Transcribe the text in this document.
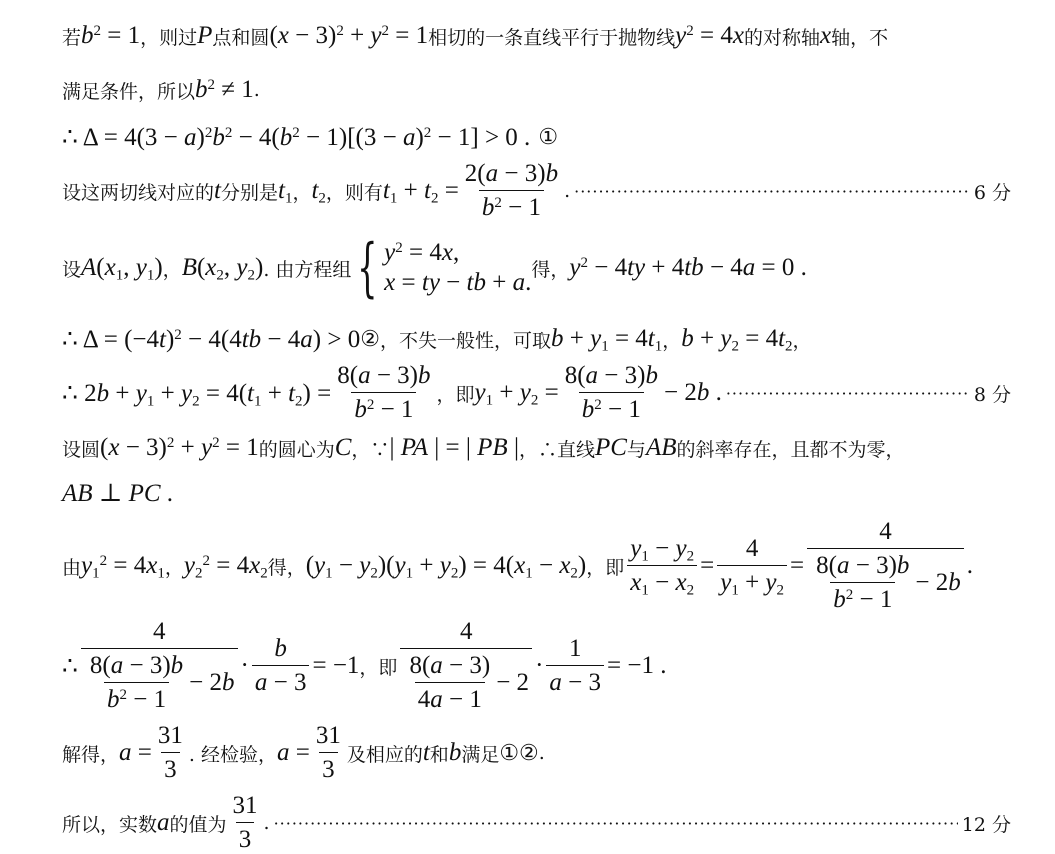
若 $b^2 = 1$ ，则过 P 点和圆 $(x - 3)^2 + y^2 = 1$ 相切的一条直线平行于抛物线 $y^2 = 4x$ 的对称轴 x 轴，不
满足条件，所以 $b^2 \ne 1$ .
∴ $\Delta = 4(3 - a)^2b^2 - 4(b^2 - 1)[(3 - a)^2 - 1] > 0$ . ①
设这两切线对应的 t 分别是 $t_1$ ， $t_2$ ，则有 $t_1 + t_2 = \frac{2(a - 3)b}{b^2 - 1}$ . ·····	6 分
设 $A(x_1$, $y_1$) ， $B(x_2$, $y_2$) . 由方程组 { $y^2 = 4x$,
x = ty − tb + a. 得， $y^2 - 4ty + 4tb - 4a = 0$ .
∴ $\Delta = (-4t)^2 - 4(4tb - 4a) > 0$ ② ，不失一般性，可取 $b + y_1 = 4t_1$ ， $b + y_2 = 4t_2$ ，
∴ $2b + y_1 + y_2 = 4(t_1 + t_2) = \frac{8(a - 3)b}{b^2 - 1}$ ，即 $y_1 + y_2 = \frac{8(a - 3)b}{b^2 - 1} - 2b$ . ·····	8 分
设圆 $(x - 3)^2 + y^2 = 1$ 的圆心为 C ，∵ | PA | = | PB | ，∴直线 PC 与 AB 的斜率存在，且都不为零，
AB ⊥ PC .
由 $y_1^2 = 4x_1$ ， $y_2^2 = 4x_2$ 得， $(y_1 - y_2)(y_1 + y_2) = 4(x_1 - x_2)$ ，即 $\frac{y_1 - y_2}{x_1 - x_2} = \frac{4}{y_1 + y_2} = \frac{4}{\frac{8(a - 3)b}{b^2 - 1} - 2 b}$ .
∴ $\frac{4}{\frac{8(a - 3)b}{b^2 - 1} - 2 b} \cdot \frac{b}{a - 3} = -1$ ，即 $\frac{4}{\frac{8(a - 3)}{4a - 1} - 2} \cdot \frac{1}{a - 3} = -1$ .
解得， $a = \frac{31}{3}$ . 经检验， $a = \frac{31}{3}$ 及相应的 t 和 b 满足 ①② .
所以，实数 a 的值为 $\frac{31}{3}$ . ·····	12 分
